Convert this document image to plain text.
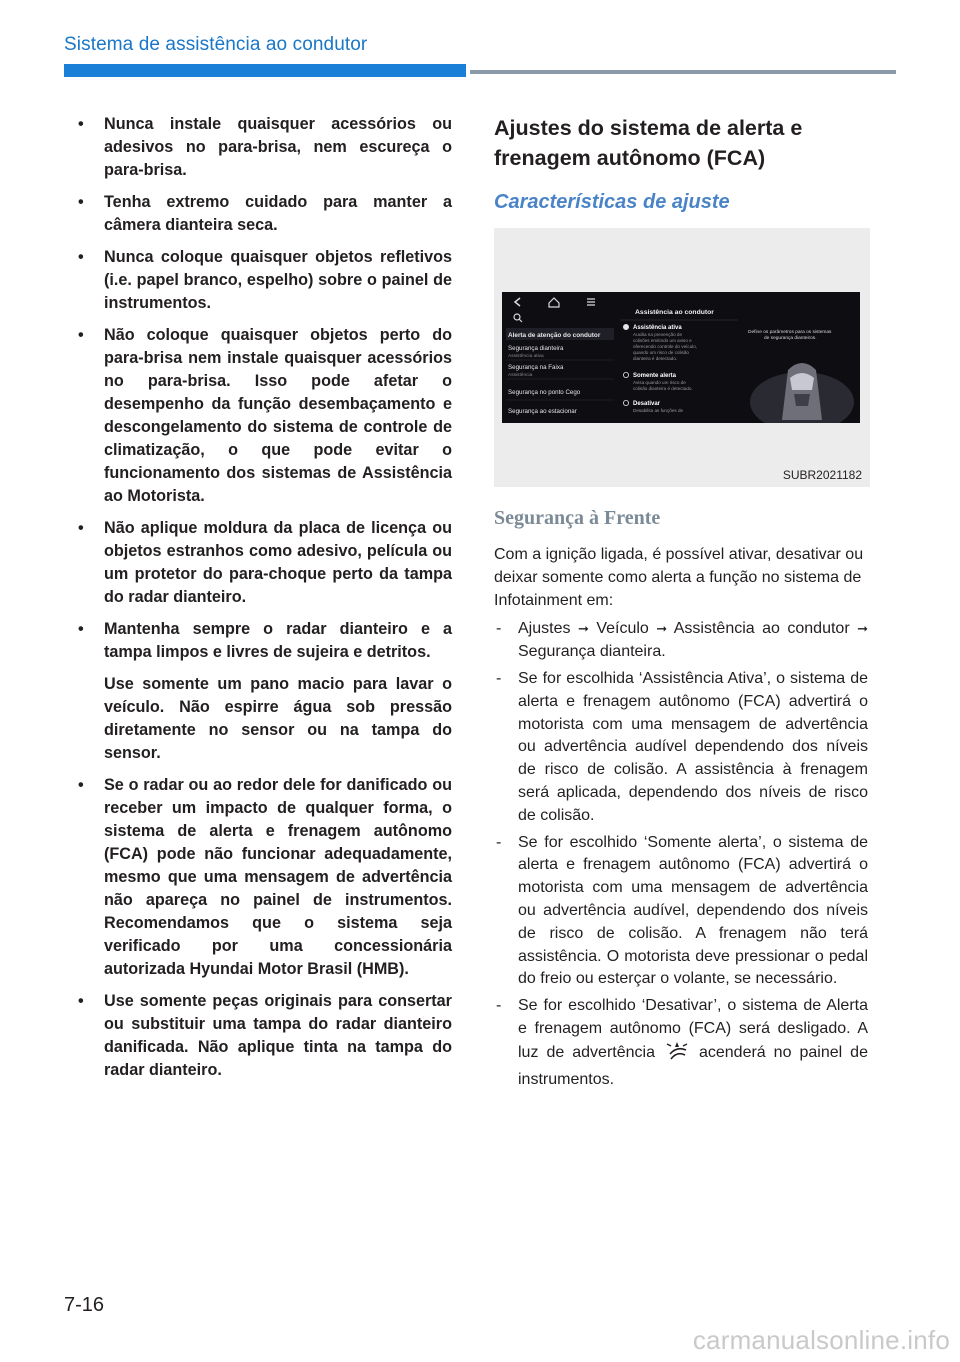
Sistema de assistência ao condutor
• Nunca instale quaisquer acessórios ou adesivos no para-brisa, nem escureça o para-brisa.

• Tenha extremo cuidado para manter a câmera dianteira seca.

• Nunca coloque quaisquer objetos refletivos (i.e. papel branco, espelho) sobre o painel de instrumentos.

• Não coloque quaisquer objetos perto do para-brisa nem instale quaisquer acessórios no para-brisa. Isso pode afetar o desempenho da função desembaçamento e descongelamento do sistema de controle de climatização, o que pode evitar o funcionamento dos sistemas de Assistência ao Motorista.

• Não aplique moldura da placa de licença ou objetos estranhos como adesivo, película ou um protetor do para-choque perto da tampa do radar dianteiro.

• Mantenha sempre o radar dianteiro e a tampa limpos e livres de sujeira e detritos.

Use somente um pano macio para lavar o veículo. Não espirre água sob pressão diretamente no sensor ou na tampa do sensor.

• Se o radar ou ao redor dele for danificado ou receber um impacto de qualquer forma, o sistema de alerta e frenagem autônomo (FCA) pode não funcionar adequadamente, mesmo que uma mensagem de advertência não apareça no painel de instrumentos. Recomendamos que o sistema seja verificado por uma concessionária autorizada Hyundai Motor Brasil (HMB).

• Use somente peças originais para consertar ou substituir uma tampa do radar dianteiro danificada. Não aplique tinta na tampa do radar dianteiro.

Ajustes do sistema de alerta e frenagem autônomo (FCA)
Características de ajuste
Alerta de atenção do condutor
Segurança dianteira
Assistência ativa
Segurança na Faixa
Assistência
Segurança no ponto Cego
Segurança ao estacionar
Assistência ao condutor
Assistência ativa
Auxilia na prevenção de
colisões emitindo um aviso e
oferecendo controle do veículo,
quando um risco de colisão
dianteira é detectado.
Somente alerta
Avisa quando um risco de
colisão dianteira é detectado.
Desativar
Desabilita as funções de
Define os parâmetros para os sistemas
de segurança dianteiros.
SUBR2021182
Segurança à Frente

Com a ignição ligada, é possível ativar, desativar ou deixar somente como alerta a função no sistema de Infotainment em:

- Ajustes ➞ Veículo ➞ Assistência ao condutor ➞ Segurança dianteira.
- Se for escolhida ‘Assistência Ativa’, o sistema de alerta e frenagem autônomo (FCA) advertirá o motorista com uma mensagem de advertência ou advertência audível dependendo dos níveis de risco de colisão. A assistência à frenagem será aplicada, dependendo dos níveis de risco de colisão.
- Se for escolhido ‘Somente alerta’, o sistema de alerta e frenagem autônomo (FCA) advertirá o motorista com uma mensagem de advertência ou advertência audível, dependendo dos níveis de risco de colisão. A frenagem não terá assistência. O motorista deve pressionar o pedal do freio ou esterçar o volante, se necessário.
- Se for escolhido ‘Desativar’, o sistema de Alerta e frenagem autônomo (FCA) será desligado. A luz de advertência	acenderá no painel de instrumentos.
7-16
carmanualsonline.info
